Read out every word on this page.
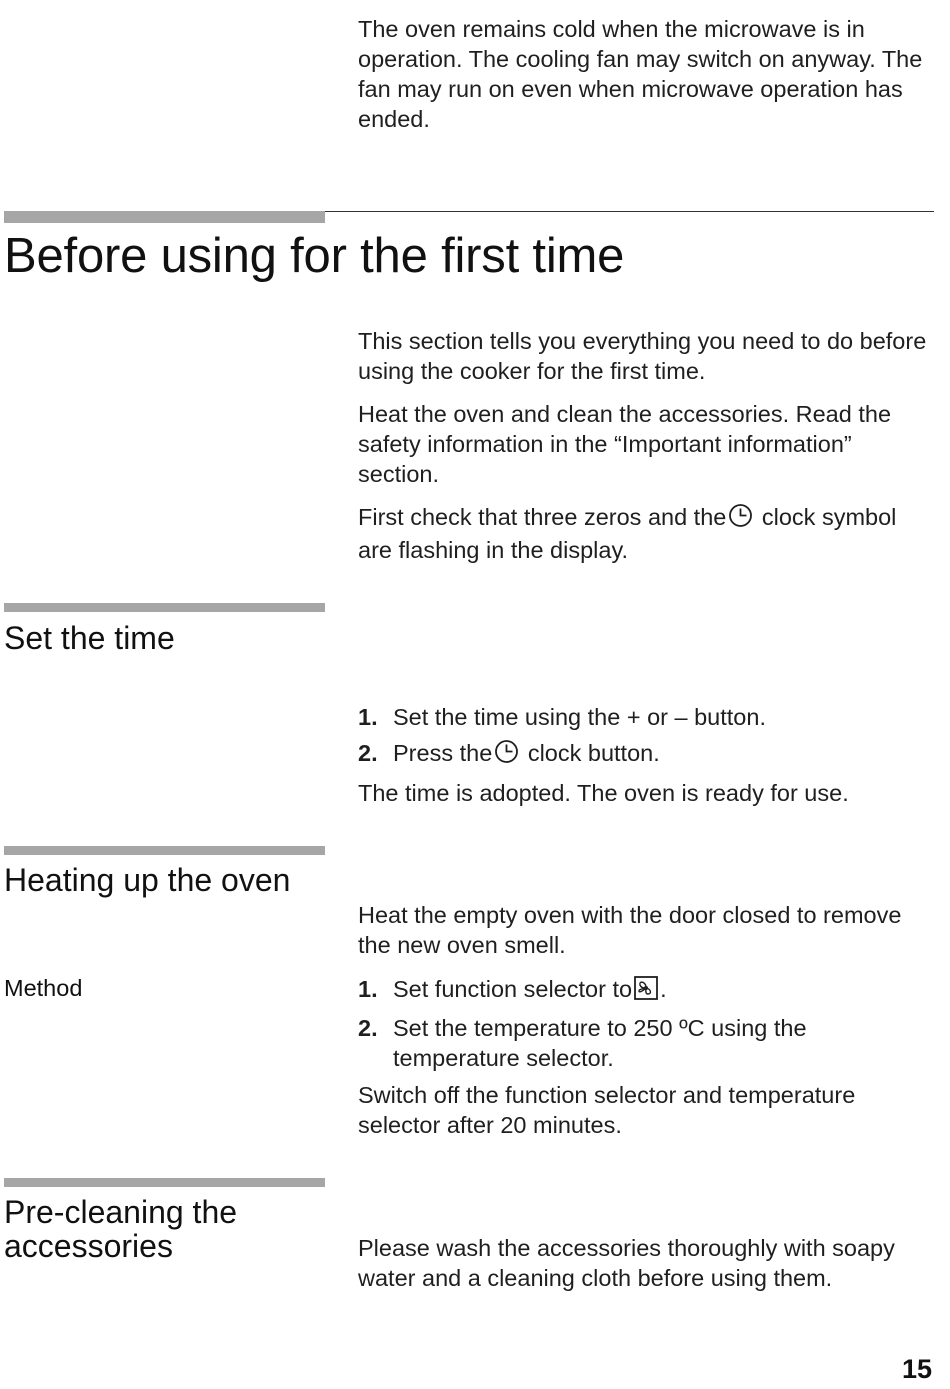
The oven remains cold when the microwave is in operation. The cooling fan may switch on anyway. The fan may run on even when microwave operation has ended.

Before using for the first time

This section tells you everything you need to do before using the cooker for the first time.

Heat the oven and clean the accessories. Read the safety information in the “Important information” section.

First check that three zeros and the clock symbol are flashing in the display.

Set the time
1. Set the time using the + or – button.
2. Press the clock button.

The time is adopted. The oven is ready for use.

Heating up the oven
Heat the empty oven with the door closed to remove the new oven smell.
Method	1. Set function selector to .
2. Set the temperature to 250 ºC using the temperature selector.

Switch off the function selector and temperature selector after 20 minutes.

Pre-cleaning the
accessories	Please wash the accessories thoroughly with soapy water and a cleaning cloth before using them.
15
